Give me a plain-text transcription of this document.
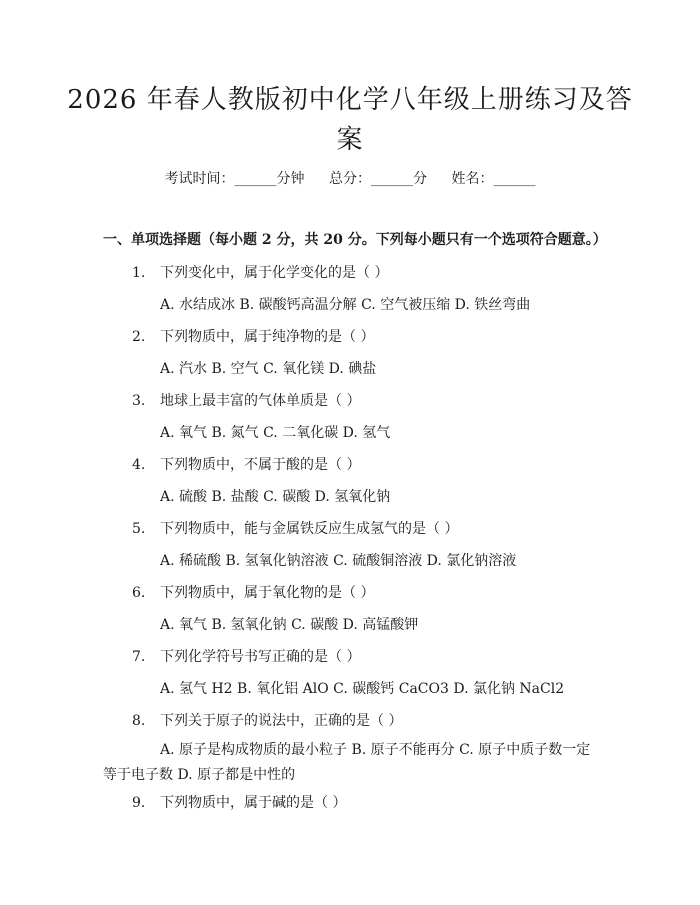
2026 年春人教版初中化学八年级上册练习及答案
考试时间：______分钟 总分：______分 姓名：______
一、单项选择题（每小题 2 分，共 20 分。下列每小题只有一个选项符合题意。）
1. 下列变化中，属于化学变化的是（ ）
A. 水结成冰 B. 碳酸钙高温分解 C. 空气被压缩 D. 铁丝弯曲
2. 下列物质中，属于纯净物的是（ ）
A. 汽水 B. 空气 C. 氧化镁 D. 碘盐
3. 地球上最丰富的气体单质是（ ）
A. 氧气 B. 氮气 C. 二氧化碳 D. 氢气
4. 下列物质中，不属于酸的是（ ）
A. 硫酸 B. 盐酸 C. 碳酸 D. 氢氧化钠
5. 下列物质中，能与金属铁反应生成氢气的是（ ）
A. 稀硫酸 B. 氢氧化钠溶液 C. 硫酸铜溶液 D. 氯化钠溶液
6. 下列物质中，属于氧化物的是（ ）
A. 氧气 B. 氢氧化钠 C. 碳酸 D. 高锰酸钾
7. 下列化学符号书写正确的是（ ）
A. 氢气 H2 B. 氧化铝 AlO C. 碳酸钙 CaCO3 D. 氯化钠 NaCl2
8. 下列关于原子的说法中，正确的是（ ）
A. 原子是构成物质的最小粒子 B. 原子不能再分 C. 原子中质子数一定等于电子数 D. 原子都是中性的
9. 下列物质中，属于碱的是（ ）
